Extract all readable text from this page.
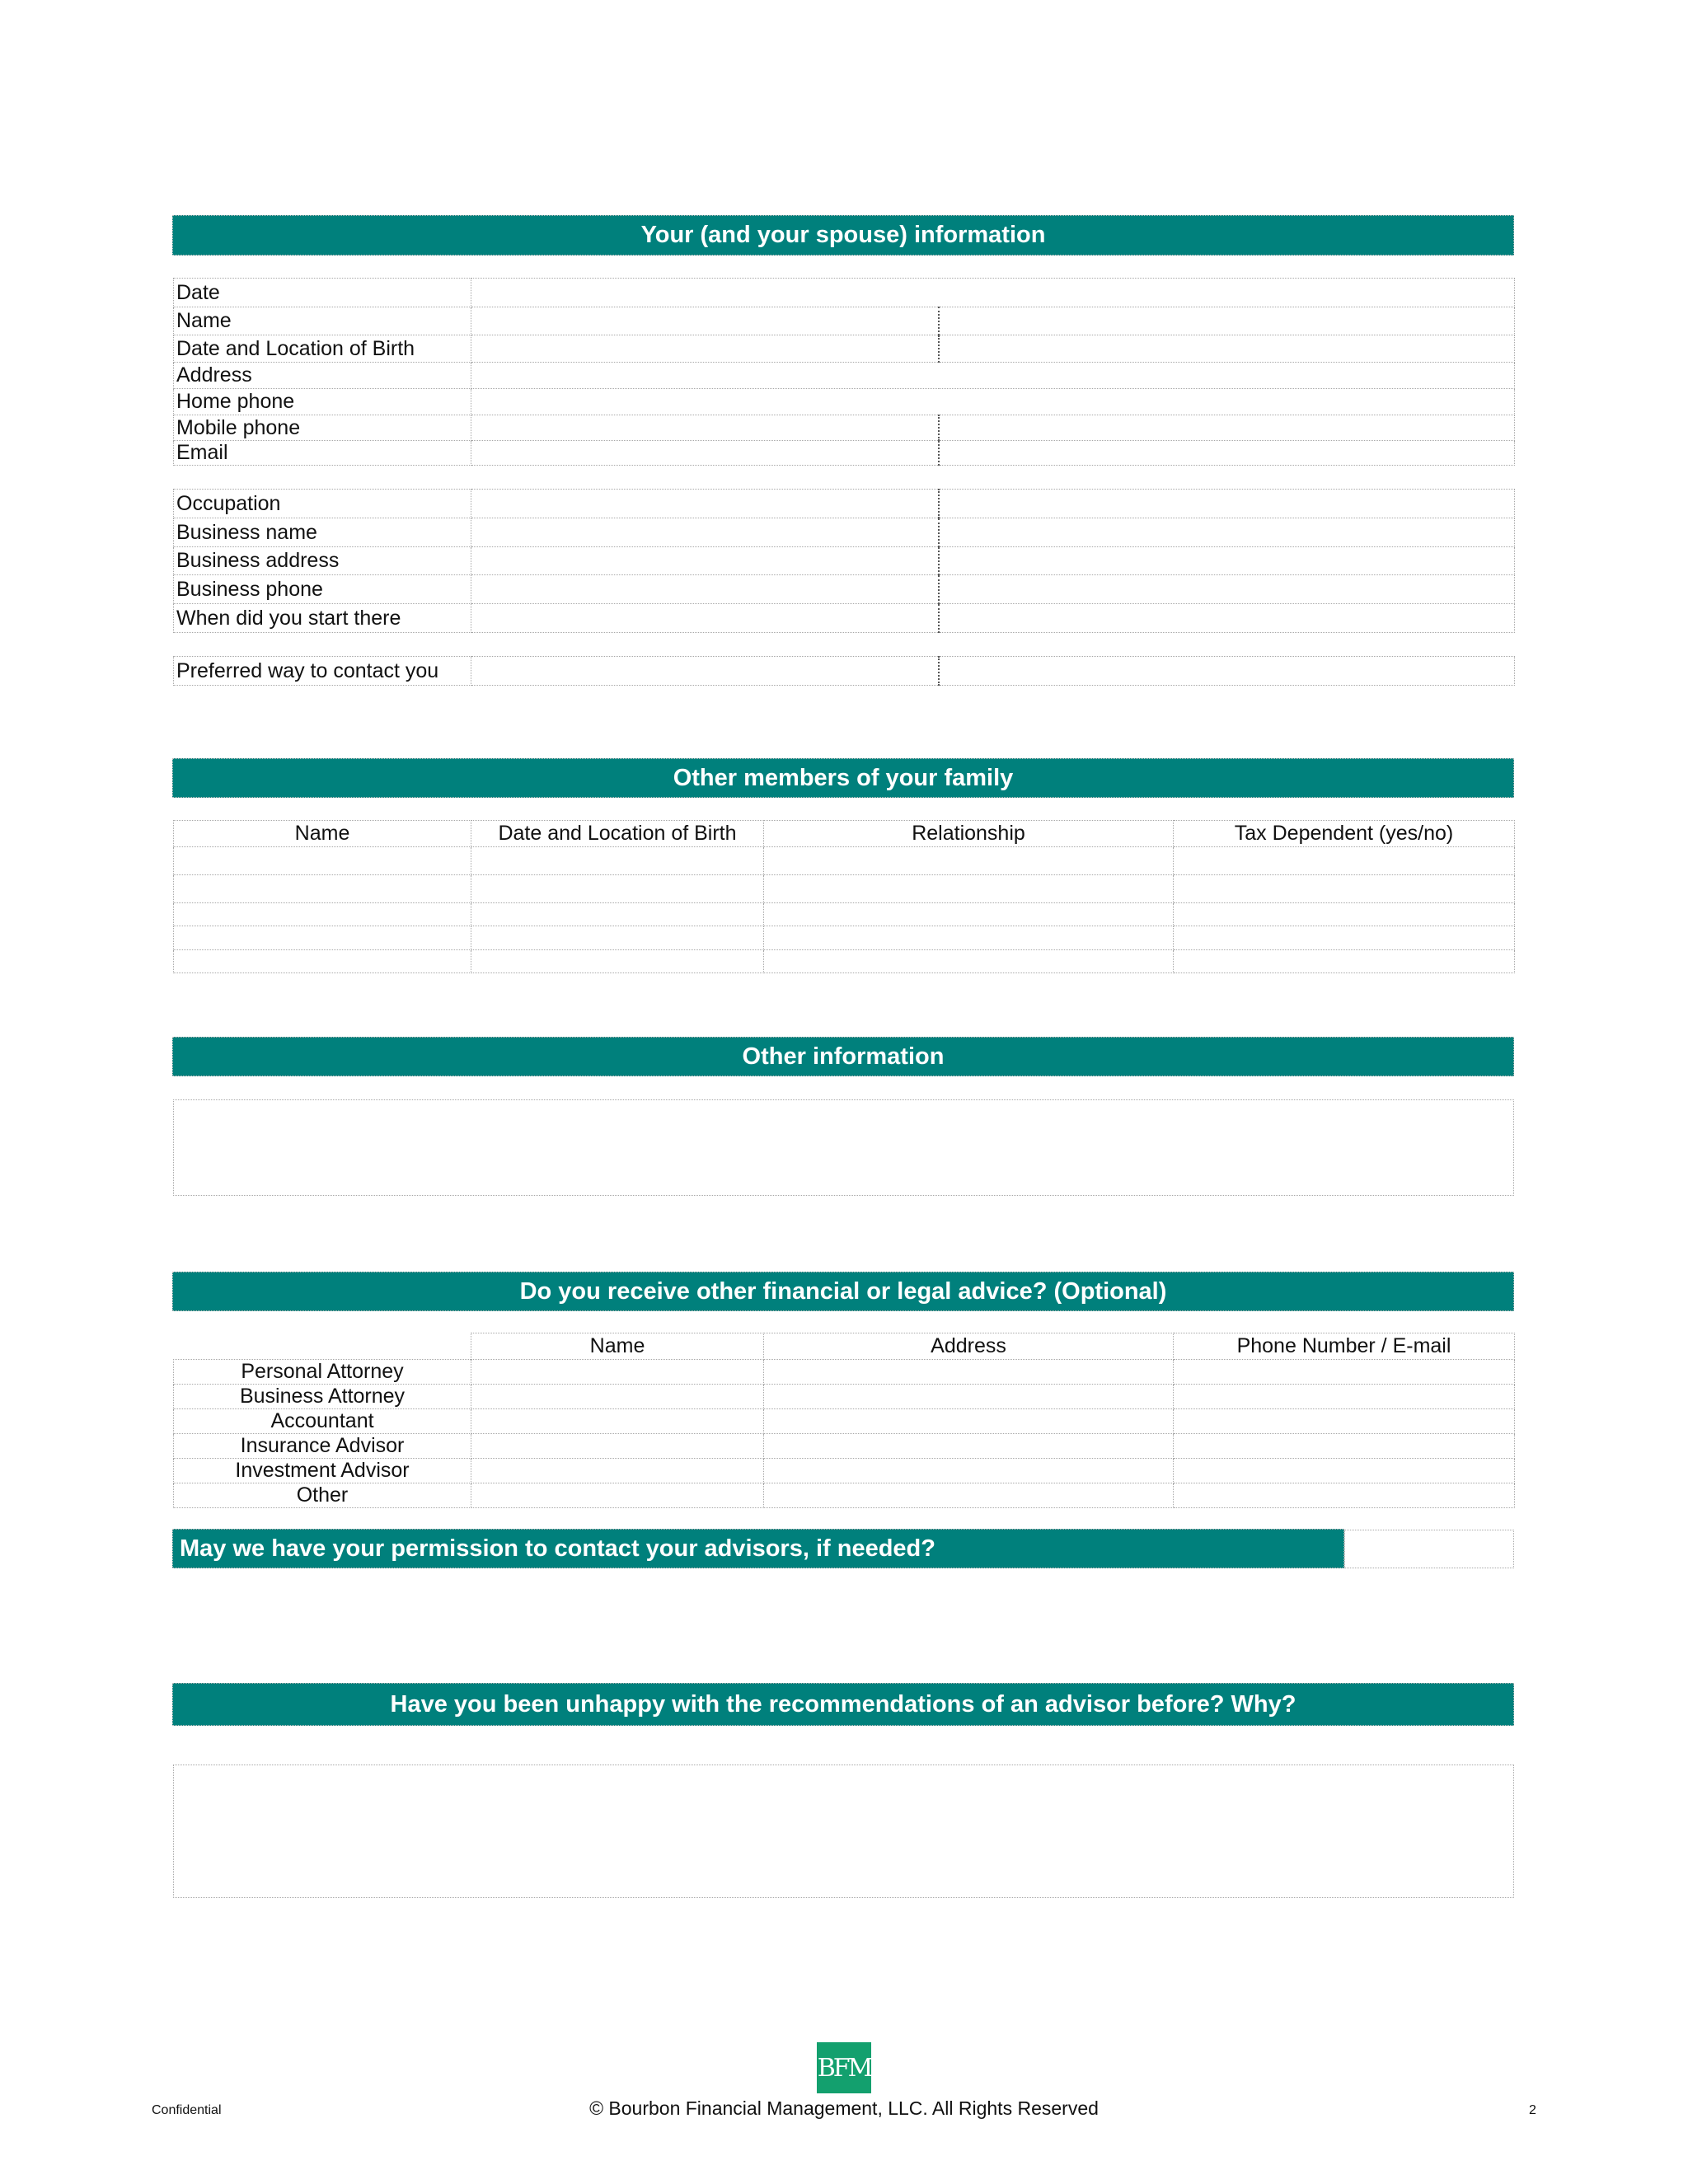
Your (and your spouse) information
Date		
Name		
Date and Location of Birth		
Address		
Home phone		
Mobile phone		
Email		
Occupation		
Business name		
Business address		
Business phone		
When did you start there		
Preferred way to contact you		
Other members of your family
Name	Date and Location of Birth	Relationship	Tax Dependent (yes/no)

Other information
Do you receive other financial or legal advice? (Optional)
	Name	Address	Phone Number / E-mail
Personal Attorney			
Business Attorney			
Accountant			
Insurance Advisor			
Investment Advisor			
Other			
May we have your permission to contact your advisors, if needed?
Have you been unhappy with the recommendations of an advisor before? Why?
BFM
Confidential	© Bourbon Financial Management, LLC. All Rights Reserved	2
